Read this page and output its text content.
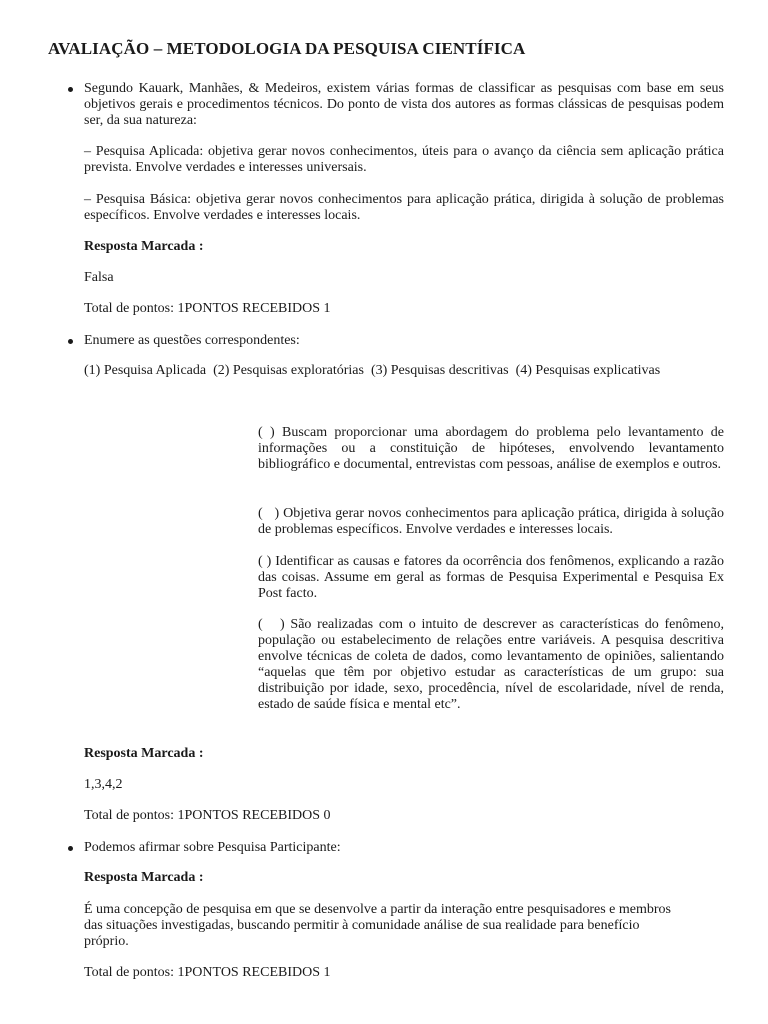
AVALIAÇÃO – METODOLOGIA DA PESQUISA CIENTÍFICA

Segundo Kauark, Manhães, & Medeiros, existem várias formas de classificar as pesquisas com base em seus objetivos gerais e procedimentos técnicos. Do ponto de vista dos autores as formas clássicas de pesquisas podem ser, da sua natureza:

– Pesquisa Aplicada: objetiva gerar novos conhecimentos, úteis para o avanço da ciência sem aplicação prática prevista. Envolve verdades e interesses universais.

– Pesquisa Básica: objetiva gerar novos conhecimentos para aplicação prática, dirigida à solução de problemas específicos. Envolve verdades e interesses locais.

Resposta Marcada :

Falsa

Total de pontos: 1PONTOS RECEBIDOS 1

Enumere as questões correspondentes:

(1) Pesquisa Aplicada  (2) Pesquisas exploratórias  (3) Pesquisas descritivas  (4) Pesquisas explicativas

( ) Buscam proporcionar uma abordagem do problema pelo levantamento de informações ou a constituição de hipóteses, envolvendo levantamento bibliográfico e documental, entrevistas com pessoas, análise de exemplos e outros.

(   ) Objetiva gerar novos conhecimentos para aplicação prática, dirigida à solução de problemas específicos. Envolve verdades e interesses locais.

( ) Identificar as causas e fatores da ocorrência dos fenômenos, explicando a razão das coisas. Assume em geral as formas de Pesquisa Experimental e Pesquisa Ex Post facto.

(   ) São realizadas com o intuito de descrever as características do fenômeno, população ou estabelecimento de relações entre variáveis. A pesquisa descritiva envolve técnicas de coleta de dados, como levantamento de opiniões, salientando “aquelas que têm por objetivo estudar as características de um grupo: sua distribuição por idade, sexo, procedência, nível de escolaridade, nível de renda, estado de saúde física e mental etc”.

Resposta Marcada :

1,3,4,2

Total de pontos: 1PONTOS RECEBIDOS 0

Podemos afirmar sobre Pesquisa Participante:

Resposta Marcada :

É uma concepção de pesquisa em que se desenvolve a partir da interação entre pesquisadores e membros das situações investigadas, buscando permitir à comunidade análise de sua realidade para benefício próprio.

Total de pontos: 1PONTOS RECEBIDOS 1
